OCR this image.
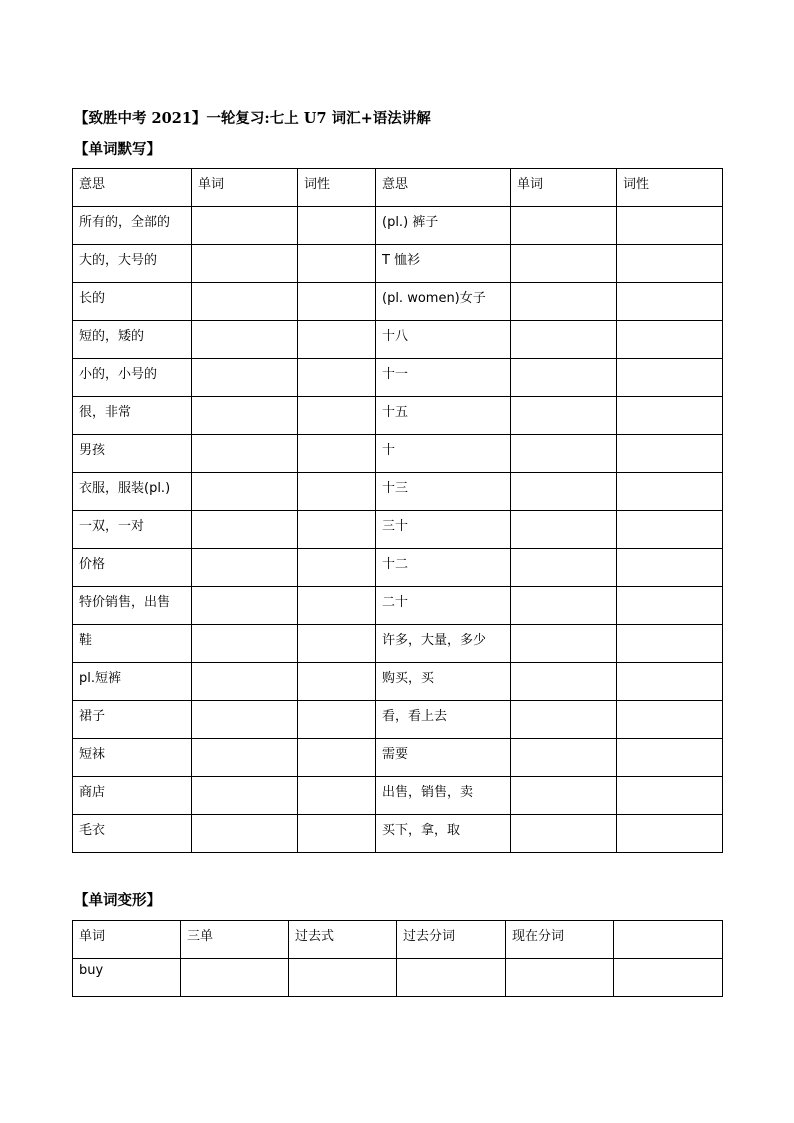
【致胜中考 2021】一轮复习:七上 U7 词汇+语法讲解
【单词默写】
意思	单词	词性	意思	单词	词性
所有的，全部的			(pl.) 裤子		
大的，大号的			T 恤衫		
长的			(pl. women)女子		
短的，矮的			十八		
小的，小号的			十一		
很，非常			十五		
男孩			十		
衣服，服装(pl.)			十三		
一双，一对			三十		
价格			十二		
特价销售，出售			二十		
鞋			许多，大量，多少		
pl.短裤			购买，买		
裙子			看，看上去		
短袜			需要		
商店			出售，销售，卖		
毛衣			买下，拿，取		
【单词变形】
单词	三单	过去式	过去分词	现在分词	
buy					
